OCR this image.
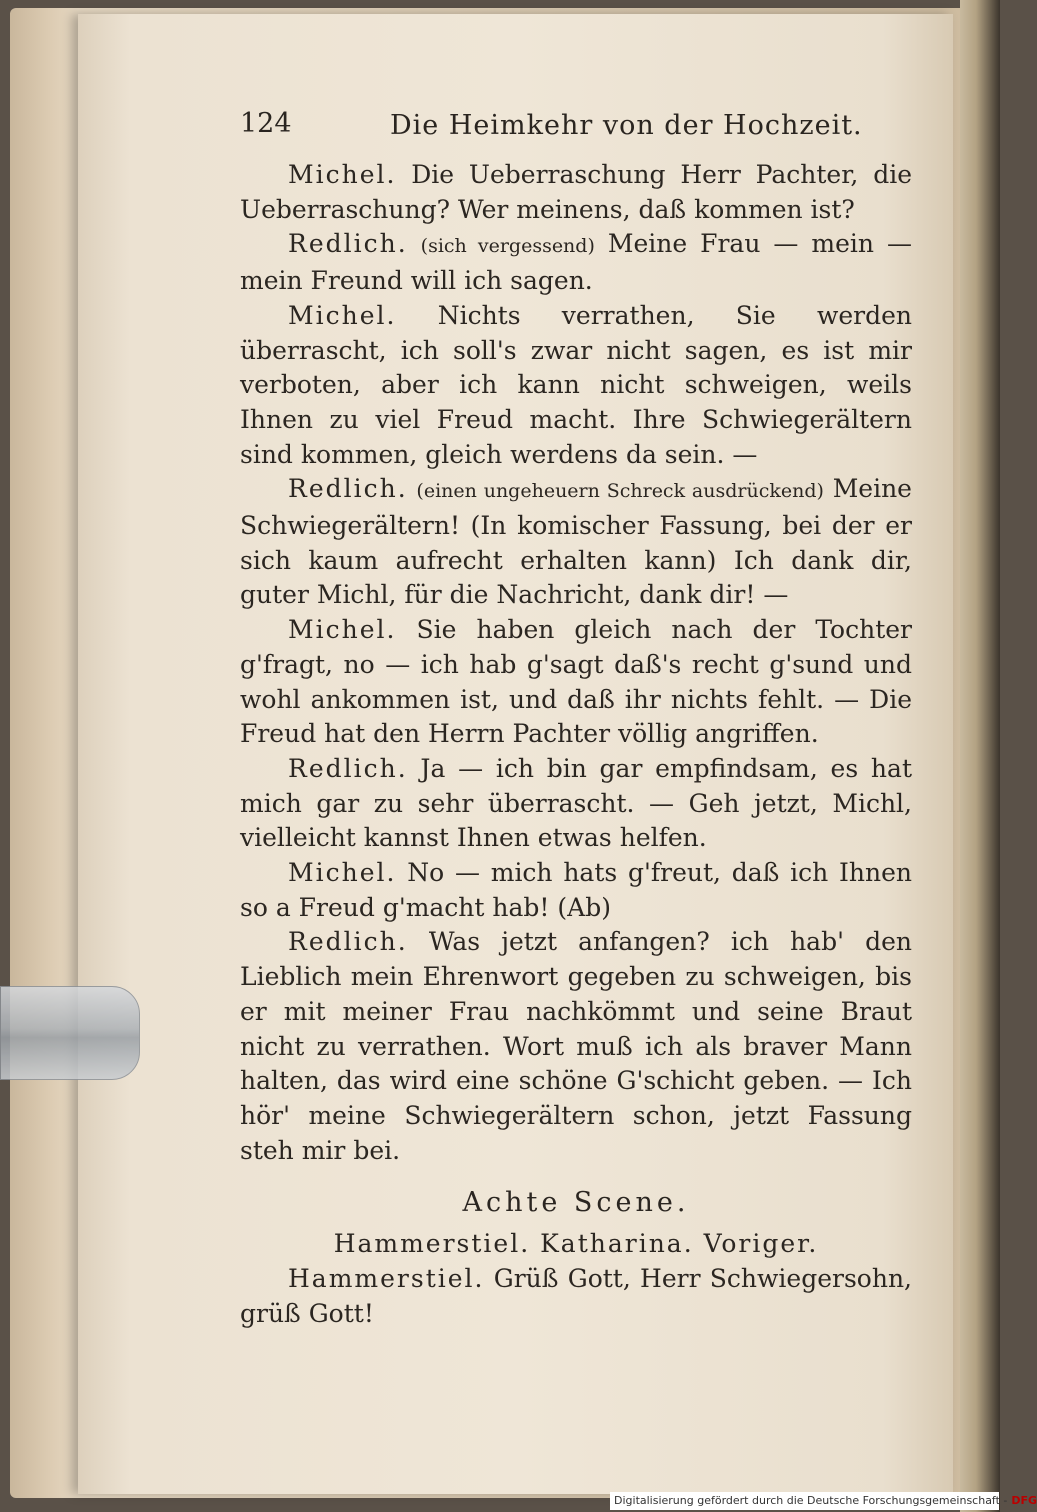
124	Die Heimkehr von der Hochzeit.

Michel. Die Ueberraschung Herr Pachter, die Ueberraschung? Wer meinens, daß kommen ist?

Redlich. (sich vergessend) Meine Frau — mein — mein Freund will ich sagen.

Michel. Nichts verrathen, Sie werden überrascht, ich soll's zwar nicht sagen, es ist mir verboten, aber ich kann nicht schweigen, weils Ihnen zu viel Freud macht. Ihre Schwiegerältern sind kommen, gleich werdens da sein. —

Redlich. (einen ungeheuern Schreck ausdrückend) Meine Schwiegerältern! (In komischer Fassung, bei der er sich kaum aufrecht erhalten kann) Ich dank dir, guter Michl, für die Nachricht, dank dir! —

Michel. Sie haben gleich nach der Tochter g'fragt, no — ich hab g'sagt daß's recht g'sund und wohl ankommen ist, und daß ihr nichts fehlt. — Die Freud hat den Herrn Pachter völlig angriffen.

Redlich. Ja — ich bin gar empfindsam, es hat mich gar zu sehr überrascht. — Geh jetzt, Michl, vielleicht kannst Ihnen etwas helfen.

Michel. No — mich hats g'freut, daß ich Ihnen so a Freud g'macht hab! (Ab)

Redlich. Was jetzt anfangen? ich hab' den Lieblich mein Ehrenwort gegeben zu schweigen, bis er mit meiner Frau nachkömmt und seine Braut nicht zu verrathen. Wort muß ich als braver Mann halten, das wird eine schöne G'schicht geben. — Ich hör' meine Schwiegerältern schon, jetzt Fassung steh mir bei.

Achte Scene.

Hammerstiel. Katharina. Voriger.

Hammerstiel. Grüß Gott, Herr Schwiegersohn, grüß Gott!

Digitalisierung gefördert durch die Deutsche Forschungsgemeinschaft - DFG
